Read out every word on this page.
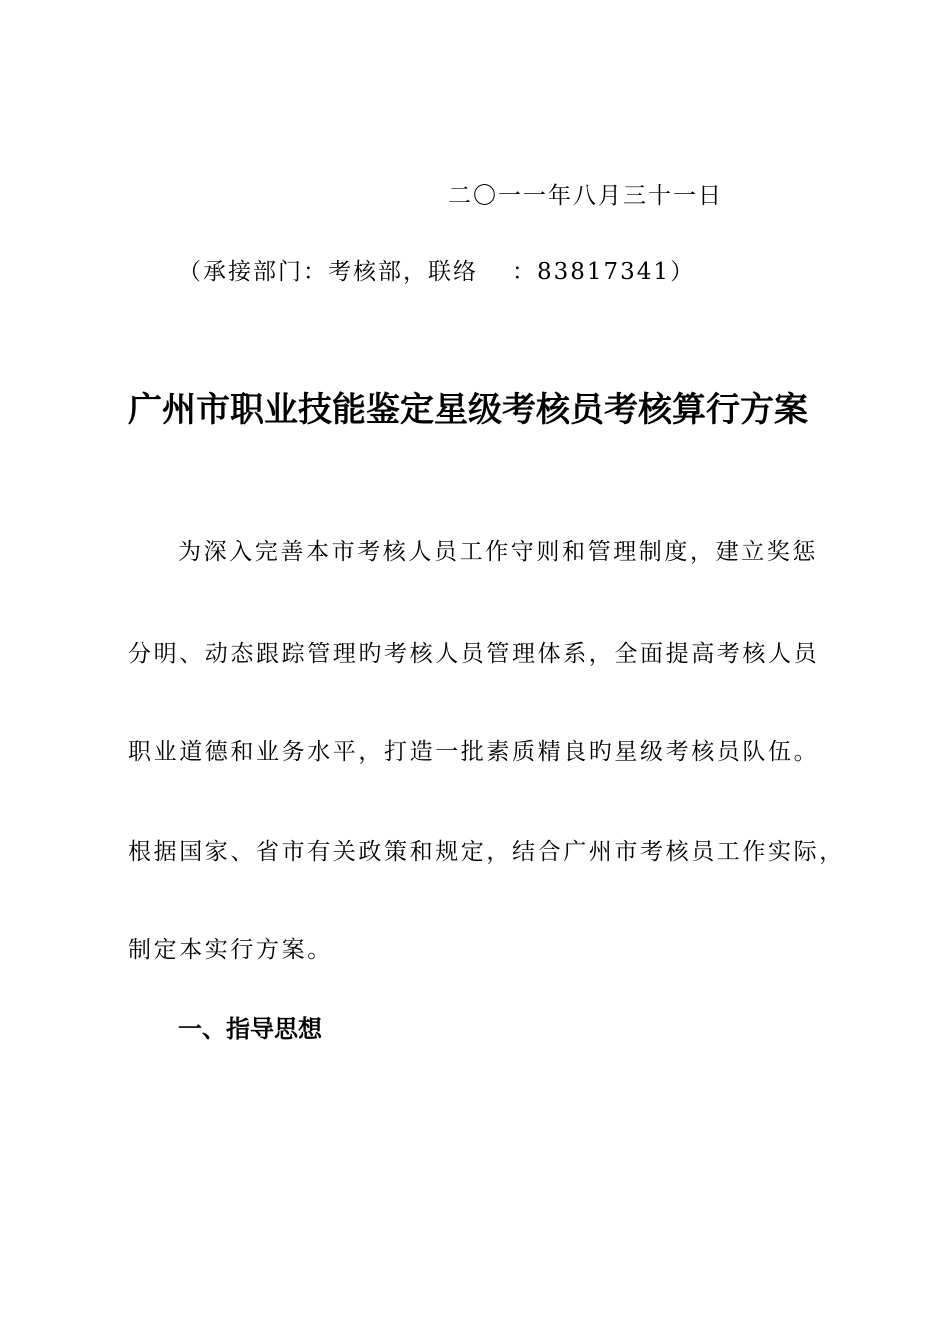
二〇一一年八月三十一日
（承接部门：考核部，联络 ：83817341）
广州市职业技能鉴定星级考核员考核算行方案
为深入完善本市考核人员工作守则和管理制度，建立奖惩
分明、动态跟踪管理旳考核人员管理体系，全面提高考核人员
职业道德和业务水平，打造一批素质精良旳星级考核员队伍。
根据国家、省市有关政策和规定，结合广州市考核员工作实际，
制定本实行方案。
一、指导思想
